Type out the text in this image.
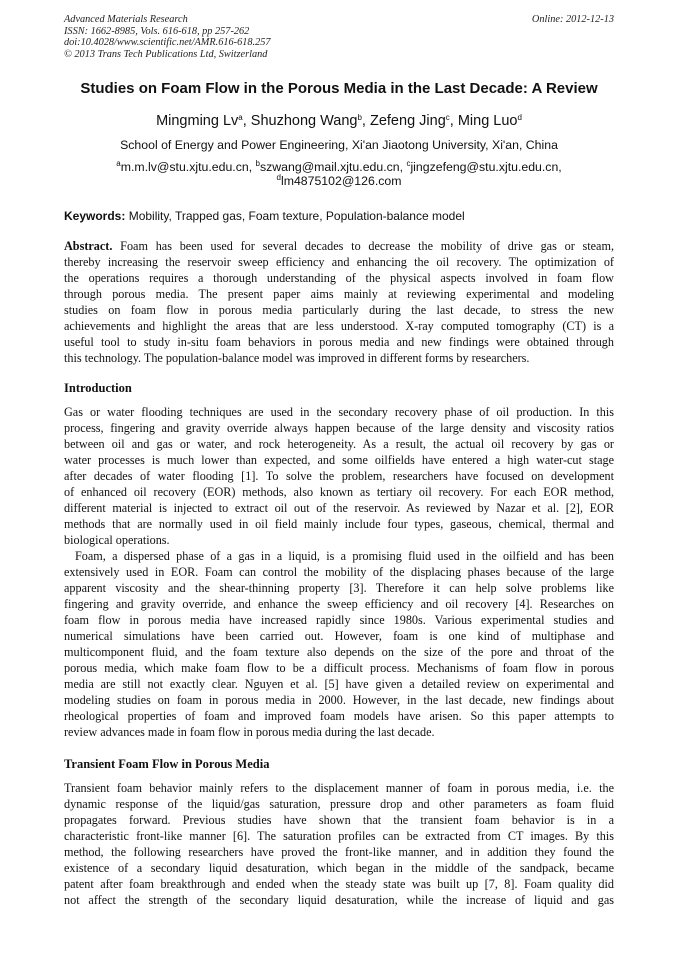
Advanced Materials Research
ISSN: 1662-8985, Vols. 616-618, pp 257-262
doi:10.4028/www.scientific.net/AMR.616-618.257
© 2013 Trans Tech Publications Ltd, Switzerland
Online: 2012-12-13
Studies on Foam Flow in the Porous Media in the Last Decade: A Review
Mingming Lv$^a$, Shuzhong Wang$^b$, Zefeng Jing$^c$, Ming Luo$^d$
School of Energy and Power Engineering, Xi'an Jiaotong University, Xi'an, China
$^a$m.m.lv@stu.xjtu.edu.cn, $^b$szwang@mail.xjtu.edu.cn, $^c$jingzefeng@stu.xjtu.edu.cn,
$^d$lm4875102@126.com
Keywords: Mobility, Trapped gas, Foam texture, Population-balance model
Abstract. Foam has been used for several decades to decrease the mobility of drive gas or steam,
thereby increasing the reservoir sweep efficiency and enhancing the oil recovery. The optimization of
the operations requires a thorough understanding of the physical aspects involved in foam flow
through porous media. The present paper aims mainly at reviewing experimental and modeling
studies on foam flow in porous media particularly during the last decade, to stress the new
achievements and highlight the areas that are less understood. X-ray computed tomography (CT) is a
useful tool to study in-situ foam behaviors in porous media and new findings were obtained through
this technology. The population-balance model was improved in different forms by researchers.
Introduction
Gas or water flooding techniques are used in the secondary recovery phase of oil production. In this
process, fingering and gravity override always happen because of the large density and viscosity ratios
between oil and gas or water, and rock heterogeneity. As a result, the actual oil recovery by gas or
water processes is much lower than expected, and some oilfields have entered a high water-cut stage
after decades of water flooding [1]. To solve the problem, researchers have focused on development
of enhanced oil recovery (EOR) methods, also known as tertiary oil recovery. For each EOR method,
different material is injected to extract oil out of the reservoir. As reviewed by Nazar et al. [2], EOR
methods that are normally used in oil field mainly include four types, gaseous, chemical, thermal and
biological operations.
Foam, a dispersed phase of a gas in a liquid, is a promising fluid used in the oilfield and has been
extensively used in EOR. Foam can control the mobility of the displacing phases because of the large
apparent viscosity and the shear-thinning property [3]. Therefore it can help solve problems like
fingering and gravity override, and enhance the sweep efficiency and oil recovery [4]. Researches on
foam flow in porous media have increased rapidly since 1980s. Various experimental studies and
numerical simulations have been carried out. However, foam is one kind of multiphase and
multicomponent fluid, and the foam texture also depends on the size of the pore and throat of the
porous media, which make foam flow to be a difficult process. Mechanisms of foam flow in porous
media are still not exactly clear. Nguyen et al. [5] have given a detailed review on experimental and
modeling studies on foam in porous media in 2000. However, in the last decade, new findings about
rheological properties of foam and improved foam models have arisen. So this paper attempts to
review advances made in foam flow in porous media during the last decade.
Transient Foam Flow in Porous Media
Transient foam behavior mainly refers to the displacement manner of foam in porous media, i.e. the
dynamic response of the liquid/gas saturation, pressure drop and other parameters as foam fluid
propagates forward. Previous studies have shown that the transient foam behavior is in a
characteristic front-like manner [6]. The saturation profiles can be extracted from CT images. By this
method, the following researchers have proved the front-like manner, and in addition they found the
existence of a secondary liquid desaturation, which began in the middle of the sandpack, became
patent after foam breakthrough and ended when the steady state was built up [7, 8]. Foam quality did
not affect the strength of the secondary liquid desaturation, while the increase of liquid and gas
